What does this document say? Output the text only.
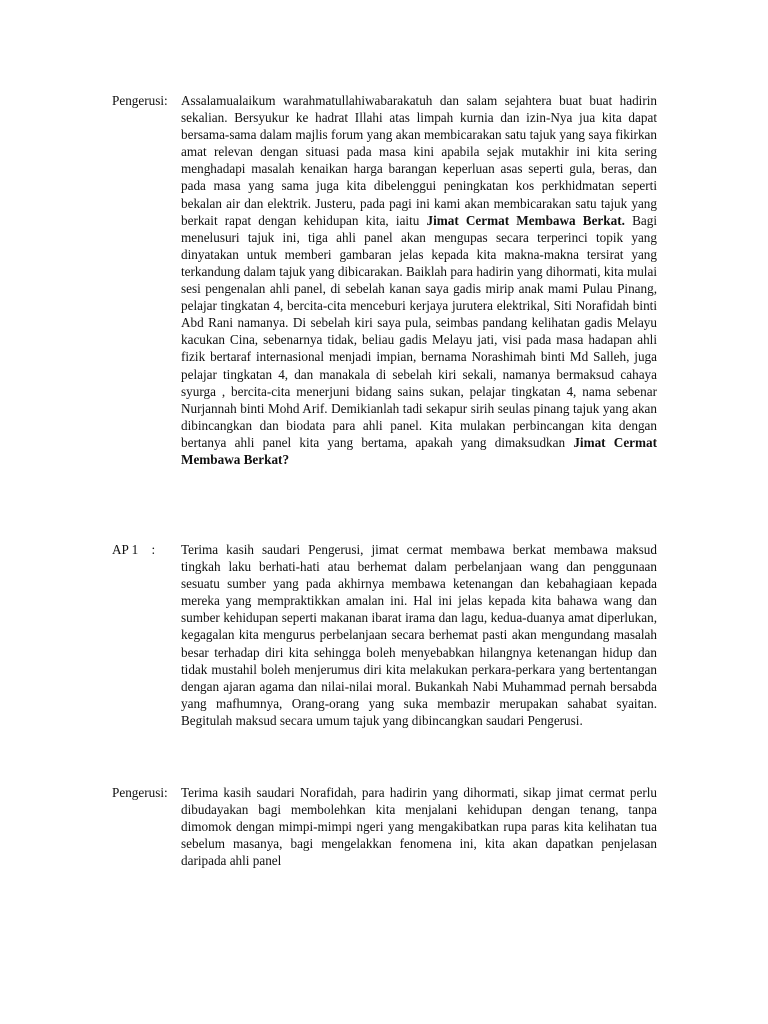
Pengerusi: Assalamualaikum warahmatullahiwabarakatuh dan salam sejahtera buat buat hadirin sekalian. Bersyukur ke hadrat Illahi atas limpah kurnia dan izin-Nya jua kita dapat bersama-sama dalam majlis forum yang akan membicarakan satu tajuk yang saya fikirkan amat relevan dengan situasi pada masa kini apabila sejak mutakhir ini kita sering menghadapi masalah kenaikan harga barangan keperluan asas seperti gula, beras, dan pada masa yang sama juga kita dibelenggui peningkatan kos perkhidmatan seperti bekalan air dan elektrik. Justeru, pada pagi ini kami akan membicarakan satu tajuk yang berkait rapat dengan kehidupan kita, iaitu Jimat Cermat Membawa Berkat. Bagi menelusuri tajuk ini, tiga ahli panel akan mengupas secara terperinci topik yang dinyatakan untuk memberi gambaran jelas kepada kita makna-makna tersirat yang terkandung dalam tajuk yang dibicarakan. Baiklah para hadirin yang dihormati, kita mulai sesi pengenalan ahli panel, di sebelah kanan saya gadis mirip anak mami Pulau Pinang, pelajar tingkatan 4, bercita-cita menceburi kerjaya jurutera elektrikal, Siti Norafidah binti Abd Rani namanya. Di sebelah kiri saya pula, seimbas pandang kelihatan gadis Melayu kacukan Cina, sebenarnya tidak, beliau gadis Melayu jati, visi pada masa hadapan ahli fizik bertaraf internasional menjadi impian, bernama Norashimah binti Md Salleh, juga pelajar tingkatan 4, dan manakala di sebelah kiri sekali, namanya bermaksud cahaya syurga , bercita-cita menerjuni bidang sains sukan, pelajar tingkatan 4, nama sebenar Nurjannah binti Mohd Arif. Demikianlah tadi sekapur sirih seulas pinang tajuk yang akan dibincangkan dan biodata para ahli panel. Kita mulakan perbincangan kita dengan bertanya ahli panel kita yang bertama, apakah yang dimaksudkan Jimat Cermat Membawa Berkat?
AP 1    : Terima kasih saudari Pengerusi, jimat cermat membawa berkat membawa maksud tingkah laku berhati-hati atau berhemat dalam perbelanjaan wang dan penggunaan sesuatu sumber yang pada akhirnya membawa ketenangan dan kebahagiaan kepada mereka yang mempraktikkan amalan ini. Hal ini jelas kepada kita bahawa wang dan sumber kehidupan seperti makanan ibarat irama dan lagu, kedua-duanya amat diperlukan, kegagalan kita mengurus perbelanjaan secara berhemat pasti akan mengundang masalah besar terhadap diri kita sehingga boleh menyebabkan hilangnya ketenangan hidup dan tidak mustahil boleh menjerumus diri kita melakukan perkara-perkara yang bertentangan dengan ajaran agama dan nilai-nilai moral. Bukankah Nabi Muhammad pernah bersabda yang mafhumnya, Orang-orang yang suka membazir merupakan sahabat syaitan. Begitulah maksud secara umum tajuk yang dibincangkan saudari Pengerusi.
Pengerusi: Terima kasih saudari Norafidah, para hadirin yang dihormati, sikap jimat cermat perlu dibudayakan bagi membolehkan kita menjalani kehidupan dengan tenang, tanpa dimomok dengan mimpi-mimpi ngeri yang mengakibatkan rupa paras kita kelihatan tua sebelum masanya, bagi mengelakkan fenomena ini, kita akan dapatkan penjelasan daripada ahli panel
